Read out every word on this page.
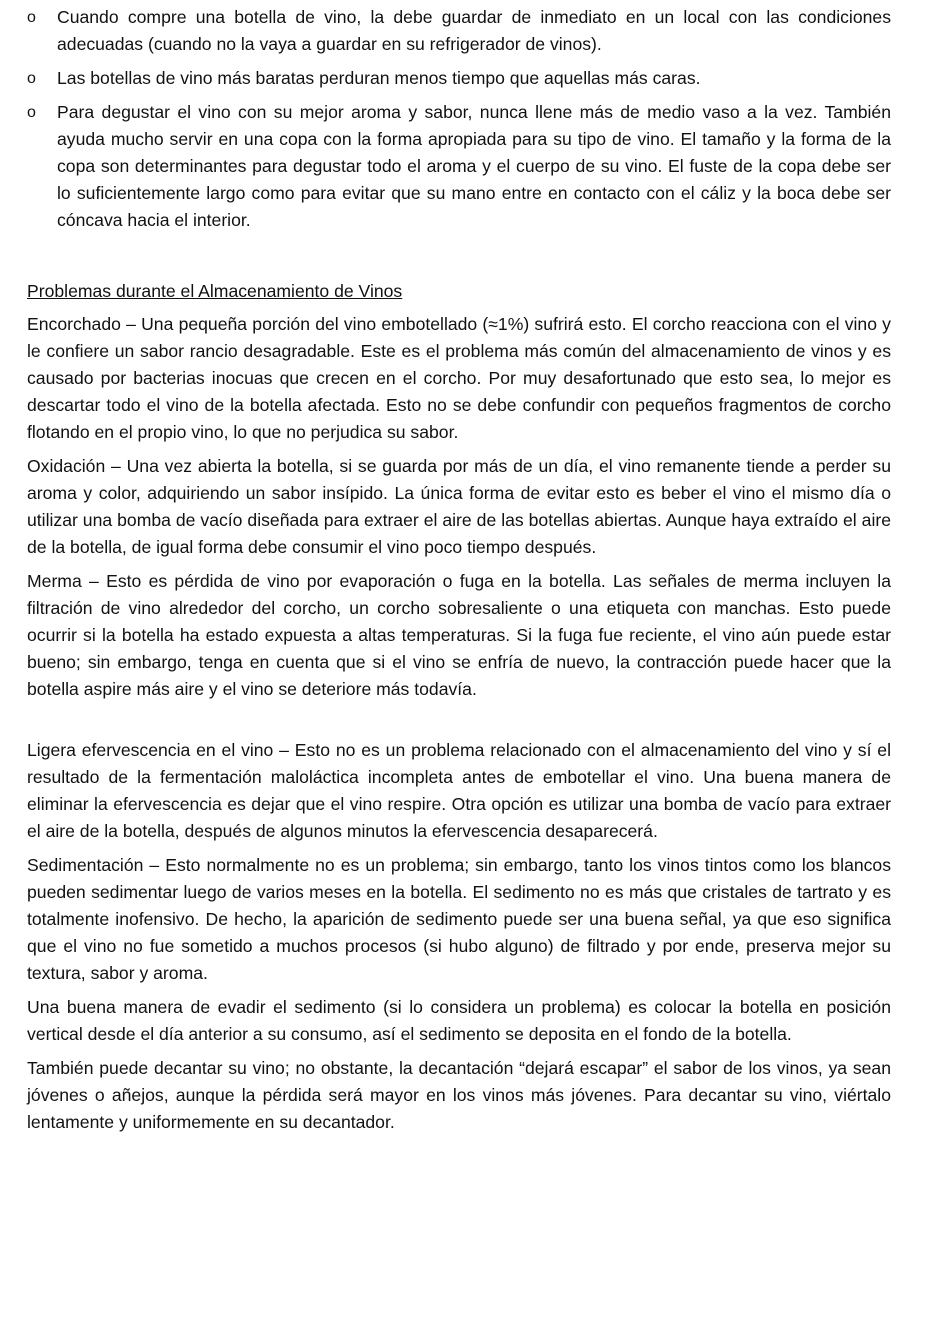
o	Cuando compre una botella de vino, la debe guardar de inmediato en un local con las condiciones adecuadas (cuando no la vaya a guardar en su refrigerador de vinos).
o	Las botellas de vino más baratas perduran menos tiempo que aquellas más caras.
o	Para degustar el vino con su mejor aroma y sabor, nunca llene más de medio vaso a la vez. También ayuda mucho servir en una copa con la forma apropiada para su tipo de vino. El tamaño y la forma de la copa son determinantes para degustar todo el aroma y el cuerpo de su vino. El fuste de la copa debe ser lo suficientemente largo como para evitar que su mano entre en contacto con el cáliz y la boca debe ser cóncava hacia el interior.
Problemas durante el Almacenamiento de Vinos

Encorchado – Una pequeña porción del vino embotellado (≈1%) sufrirá esto. El corcho reacciona con el vino y le confiere un sabor rancio desagradable. Este es el problema más común del almacenamiento de vinos y es causado por bacterias inocuas que crecen en el corcho. Por muy desafortunado que esto sea, lo mejor es descartar todo el vino de la botella afectada. Esto no se debe confundir con pequeños fragmentos de corcho flotando en el propio vino, lo que no perjudica su sabor.

Oxidación – Una vez abierta la botella, si se guarda por más de un día, el vino remanente tiende a perder su aroma y color, adquiriendo un sabor insípido. La única forma de evitar esto es beber el vino el mismo día o utilizar una bomba de vacío diseñada para extraer el aire de las botellas abiertas. Aunque haya extraído el aire de la botella, de igual forma debe consumir el vino poco tiempo después.

Merma – Esto es pérdida de vino por evaporación o fuga en la botella. Las señales de merma incluyen la filtración de vino alrededor del corcho, un corcho sobresaliente o una etiqueta con manchas. Esto puede ocurrir si la botella ha estado expuesta a altas temperaturas. Si la fuga fue reciente, el vino aún puede estar bueno; sin embargo, tenga en cuenta que si el vino se enfría de nuevo, la contracción puede hacer que la botella aspire más aire y el vino se deteriore más todavía.

Ligera efervescencia en el vino – Esto no es un problema relacionado con el almacenamiento del vino y sí el resultado de la fermentación maloláctica incompleta antes de embotellar el vino. Una buena manera de eliminar la efervescencia es dejar que el vino respire. Otra opción es utilizar una bomba de vacío para extraer el aire de la botella, después de algunos minutos la efervescencia desaparecerá.

Sedimentación – Esto normalmente no es un problema; sin embargo, tanto los vinos tintos como los blancos pueden sedimentar luego de varios meses en la botella. El sedimento no es más que cristales de tartrato y es totalmente inofensivo. De hecho, la aparición de sedimento puede ser una buena señal, ya que eso significa que el vino no fue sometido a muchos procesos (si hubo alguno) de filtrado y por ende, preserva mejor su textura, sabor y aroma.

Una buena manera de evadir el sedimento (si lo considera un problema) es colocar la botella en posición vertical desde el día anterior a su consumo, así el sedimento se deposita en el fondo de la botella.

También puede decantar su vino; no obstante, la decantación “dejará escapar” el sabor de los vinos, ya sean jóvenes o añejos, aunque la pérdida será mayor en los vinos más jóvenes. Para decantar su vino, viértalo lentamente y uniformemente en su decantador.
